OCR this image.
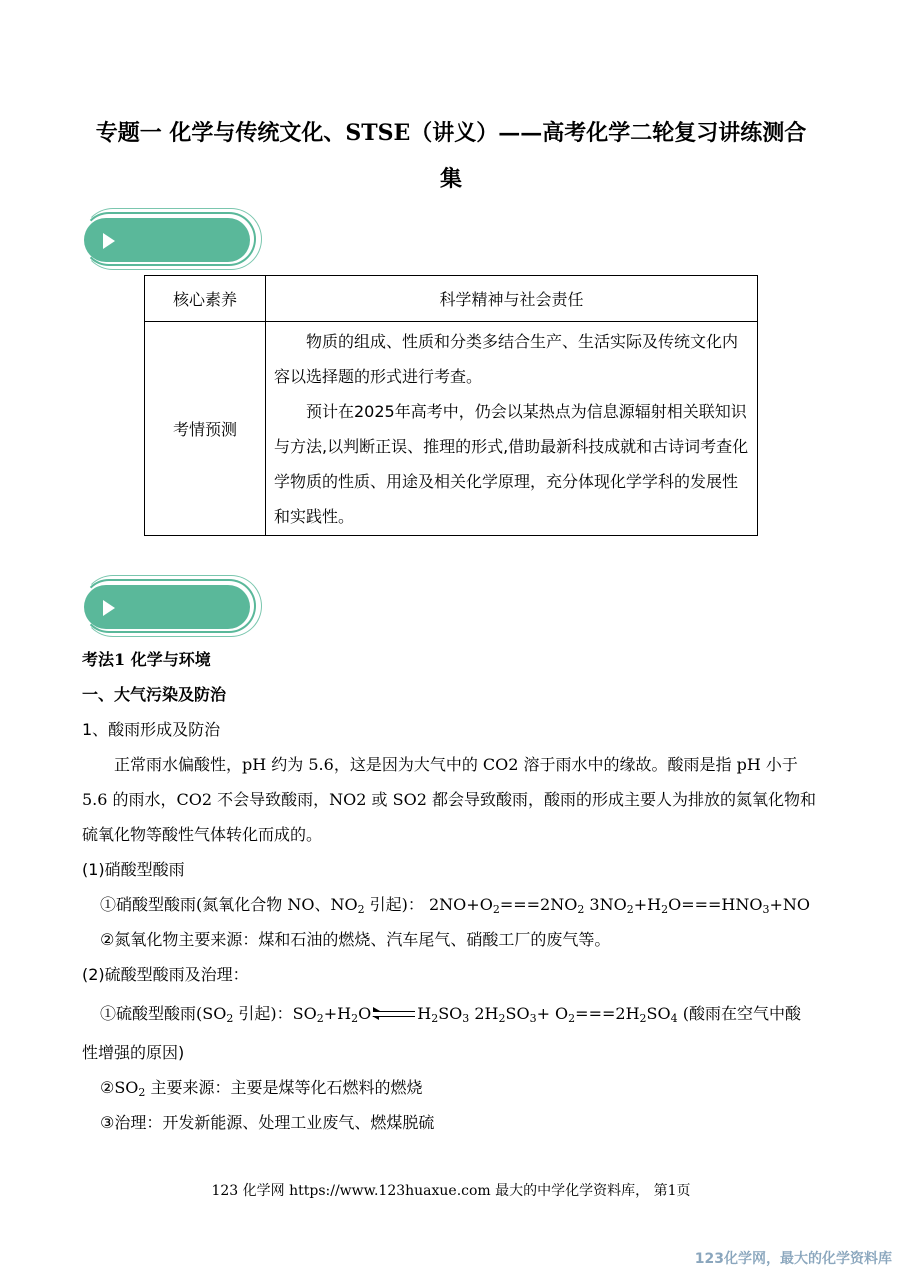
专题一 化学与传统文化、STSE（讲义）——高考化学二轮复习讲练测合
集
核心素养	科学精神与社会责任
考情预测	物质的组成、性质和分类多结合生产、生活实际及传统文化内容以选择题的形式进行考查。

预计在2025年高考中，仍会以某热点为信息源辐射相关联知识与方法,以判断正误、推理的形式,借助最新科技成就和古诗词考查化学物质的性质、用途及相关化学原理，充分体现化学学科的发展性和实践性。

考法1 化学与环境
一、大气污染及防治
1、酸雨形成及防治
正常雨水偏酸性，pH 约为 5.6，这是因为大气中的 CO2 溶于雨水中的缘故。酸雨是指 pH 小于 5.6 的雨水，CO2 不会导致酸雨，NO2 或 SO2 都会导致酸雨，酸雨的形成主要人为排放的氮氧化物和硫氧化物等酸性气体转化而成的。
(1)硝酸型酸雨
①硝酸型酸雨(氮氧化合物 NO、$NO_2$ 引起)： $2NO+O_2===2NO_2$ $3NO_2+H_2O===HNO_3+NO$
②氮氧化物主要来源：煤和石油的燃烧、汽车尾气、硝酸工厂的废气等。
(2)硫酸型酸雨及治理：
①硫酸型酸雨($SO_2$ 引起)：$SO_2+H_2O$	$H_2SO_3$ $2H_2SO_3+ O_2===2H_2SO_4$ (酸雨在空气中酸
性增强的原因)
$②SO_2$ 主要来源：主要是煤等化石燃料的燃烧
③治理：开发新能源、处理工业废气、燃煤脱硫
123 化学网 https://www.123huaxue.com 最大的中学化学资料库， 第1页
123化学网，最大的化学资料库
